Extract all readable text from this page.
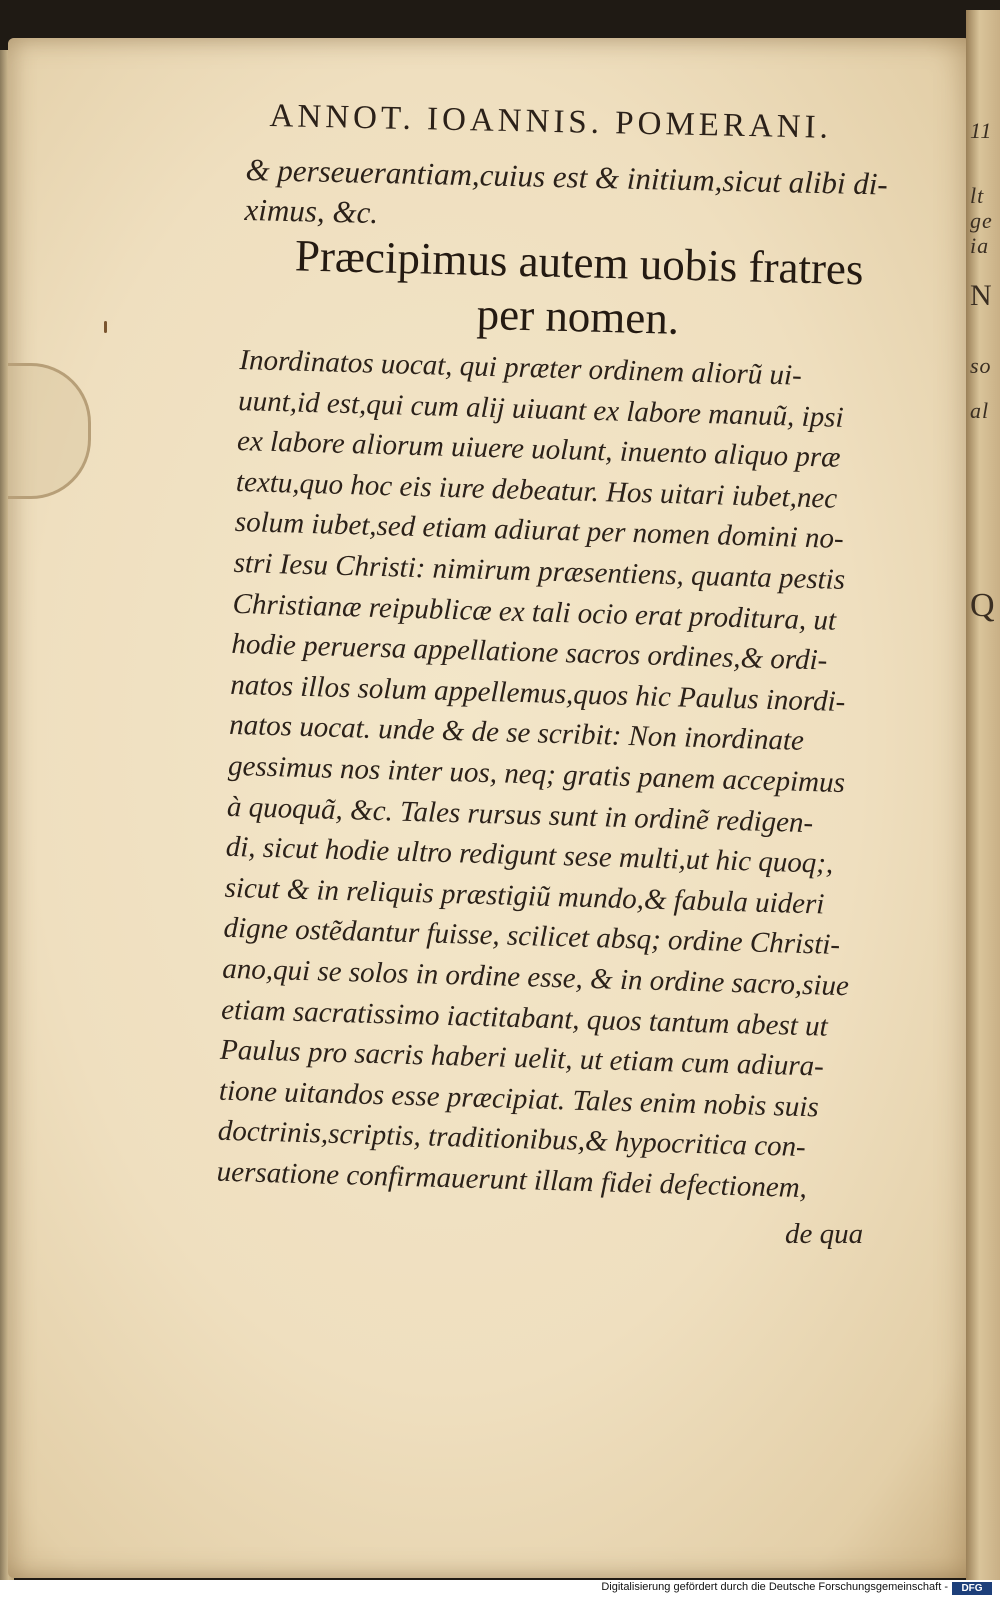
11
lt
ge
ia
N
so
al
Q
ANNOT. IOANNIS. POMERANI.
& perseuerantiam,cuius est & initium,sicut alibi di-
ximus, &c.
Præcipimus autem uobis fratres
per nomen.
Inordinatos uocat, qui præter ordinem aliorũ ui-
uunt,id est,qui cum alij uiuant ex labore manuũ, ipsi
ex labore aliorum uiuere uolunt, inuento aliquo præ
textu,quo hoc eis iure debeatur. Hos uitari iubet,nec
solum iubet,sed etiam adiurat per nomen domini no-
stri Iesu Christi: nimirum præsentiens, quanta pestis
Christianæ reipublicæ ex tali ocio erat proditura, ut
hodie peruersa appellatione sacros ordines,& ordi-
natos illos solum appellemus,quos hic Paulus inordi-
natos uocat. unde & de se scribit: Non inordinate
gessimus nos inter uos, neq; gratis panem accepimus
à quoquã, &c. Tales rursus sunt in ordinẽ redigen-
di, sicut hodie ultro redigunt sese multi,ut hic quoq;,
sicut & in reliquis præstigiũ mundo,& fabula uideri
digne ostẽdantur fuisse, scilicet absq; ordine Christi-
ano,qui se solos in ordine esse, & in ordine sacro,siue
etiam sacratissimo iactitabant, quos tantum abest ut
Paulus pro sacris haberi uelit, ut etiam cum adiura-
tione uitandos esse præcipiat. Tales enim nobis suis
doctrinis,scriptis, traditionibus,& hypocritica con-
uersatione confirmauerunt illam fidei defectionem,
de qua
Digitalisierung gefördert durch die Deutsche Forschungsgemeinschaft -	DFG
